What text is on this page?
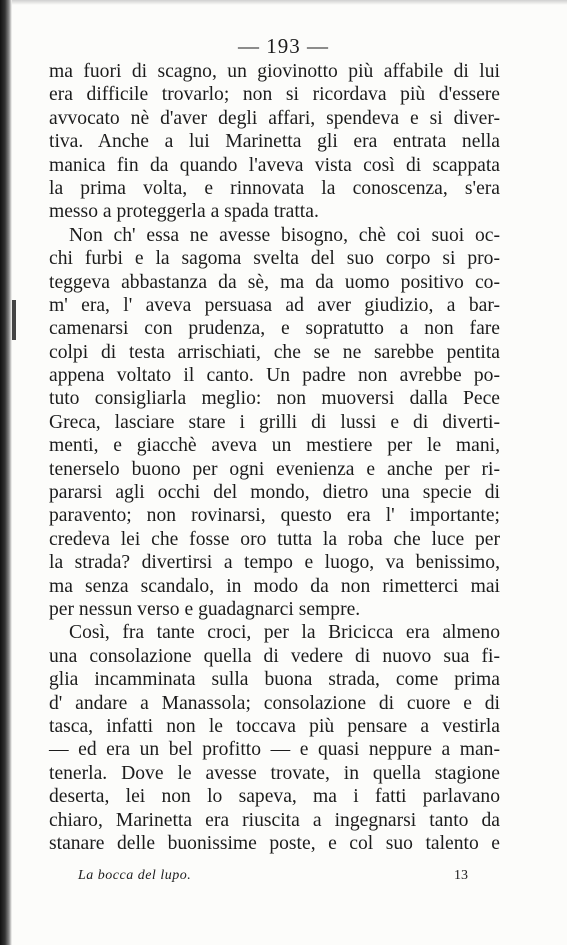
— 193 —
ma fuori di scagno, un giovinotto più affabile di lui
era difficile trovarlo; non si ricordava più d'essere
avvocato nè d'aver degli affari, spendeva e si diver-
tiva. Anche a lui Marinetta gli era entrata nella
manica fin da quando l'aveva vista così di scappata
la prima volta, e rinnovata la conoscenza, s'era
messo a proteggerla a spada tratta.
Non ch' essa ne avesse bisogno, chè coi suoi oc-
chi furbi e la sagoma svelta del suo corpo si pro-
teggeva abbastanza da sè, ma da uomo positivo co-
m' era, l' aveva persuasa ad aver giudizio, a bar-
camenarsi con prudenza, e sopratutto a non fare
colpi di testa arrischiati, che se ne sarebbe pentita
appena voltato il canto. Un padre non avrebbe po-
tuto consigliarla meglio: non muoversi dalla Pece
Greca, lasciare stare i grilli di lussi e di diverti-
menti, e giacchè aveva un mestiere per le mani,
tenerselo buono per ogni evenienza e anche per ri-
pararsi agli occhi del mondo, dietro una specie di
paravento; non rovinarsi, questo era l' importante;
credeva lei che fosse oro tutta la roba che luce per
la strada? divertirsi a tempo e luogo, va benissimo,
ma senza scandalo, in modo da non rimetterci mai
per nessun verso e guadagnarci sempre.
Così, fra tante croci, per la Bricicca era almeno
una consolazione quella di vedere di nuovo sua fi-
glia incamminata sulla buona strada, come prima
d' andare a Manassola; consolazione di cuore e di
tasca, infatti non le toccava più pensare a vestirla
— ed era un bel profitto — e quasi neppure a man-
tenerla. Dove le avesse trovate, in quella stagione
deserta, lei non lo sapeva, ma i fatti parlavano
chiaro, Marinetta era riuscita a ingegnarsi tanto da
stanare delle buonissime poste, e col suo talento e
La bocca del lupo.	13
